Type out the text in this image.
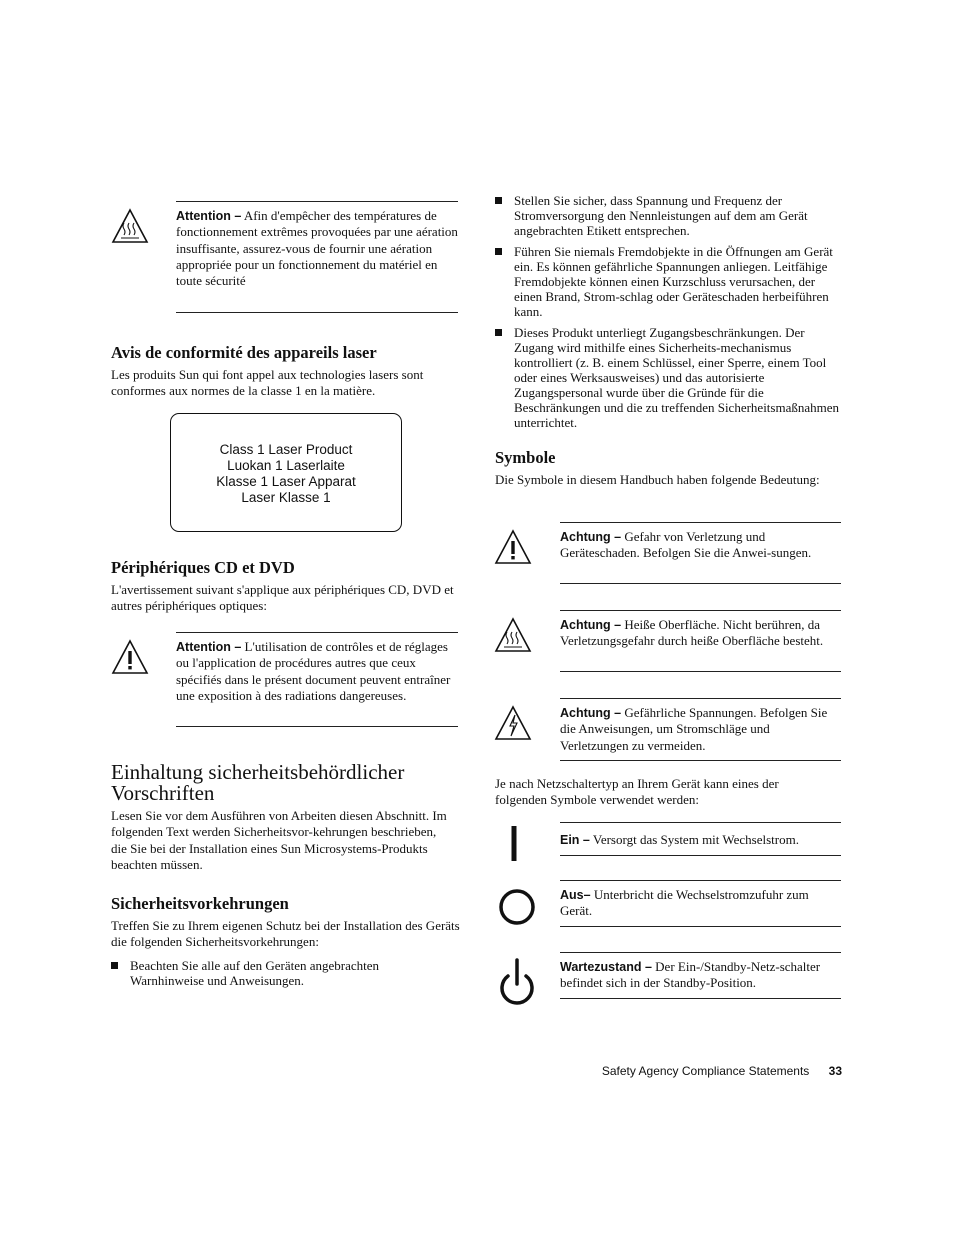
Attention – Afin d'empêcher des températures de fonctionnement extrêmes provoquées par une aération insuffisante, assurez-vous de fournir une aération appropriée pour un fonctionnement du matériel en toute sécurité
Avis de conformité des appareils laser

Les produits Sun qui font appel aux technologies lasers sont conformes aux normes de la classe 1 en la matière.

Class 1 Laser Product
Luokan 1 Laserlaite
Klasse 1 Laser Apparat
Laser Klasse 1
Périphériques CD et DVD

L'avertissement suivant s'applique aux périphériques CD, DVD et autres périphériques optiques:

Attention – L'utilisation de contrôles et de réglages ou l'application de procédures autres que ceux spécifiés dans le présent document peuvent entraîner une exposition à des radiations dangereuses.
Einhaltung sicherheitsbehördlicher
Vorschriften

Lesen Sie vor dem Ausführen von Arbeiten diesen Abschnitt. Im folgenden Text werden Sicherheitsvor-kehrungen beschrieben, die Sie bei der Installation eines Sun Microsystems-Produkts beachten müssen.

Sicherheitsvorkehrungen

Treffen Sie zu Ihrem eigenen Schutz bei der Installation des Geräts die folgenden Sicherheitsvorkehrungen:

Beachten Sie alle auf den Geräten angebrachten Warnhinweise und Anweisungen.
Stellen Sie sicher, dass Spannung und Frequenz der Stromversorgung den Nennleistungen auf dem am Gerät angebrachten Etikett entsprechen.
Führen Sie niemals Fremdobjekte in die Öffnungen am Gerät ein. Es können gefährliche Spannungen anliegen. Leitfähige Fremdobjekte können einen Kurzschluss verursachen, der einen Brand, Strom-schlag oder Geräteschaden herbeiführen kann.
Dieses Produkt unterliegt Zugangsbeschränkungen. Der Zugang wird mithilfe eines Sicherheits-mechanismus kontrolliert (z. B. einem Schlüssel, einer Sperre, einem Tool oder eines Werksausweises) und das autorisierte Zugangspersonal wurde über die Gründe für die Beschränkungen und die zu treffenden Sicherheitsmaßnahmen unterrichtet.
Symbole

Die Symbole in diesem Handbuch haben folgende Bedeutung:

Achtung – Gefahr von Verletzung und Geräteschaden. Befolgen Sie die Anwei-sungen.
Achtung – Heiße Oberfläche. Nicht berühren, da Verletzungsgefahr durch heiße Oberfläche besteht.
Achtung – Gefährliche Spannungen. Befolgen Sie die Anweisungen, um Stromschläge und Verletzungen zu vermeiden.

Je nach Netzschaltertyp an Ihrem Gerät kann eines der folgenden Symbole verwendet werden:

Ein – Versorgt das System mit Wechselstrom.
Aus– Unterbricht die Wechselstromzufuhr zum Gerät.
Wartezustand – Der Ein-/Standby-Netz-schalter befindet sich in der Standby-Position.
Safety Agency Compliance Statements 33
